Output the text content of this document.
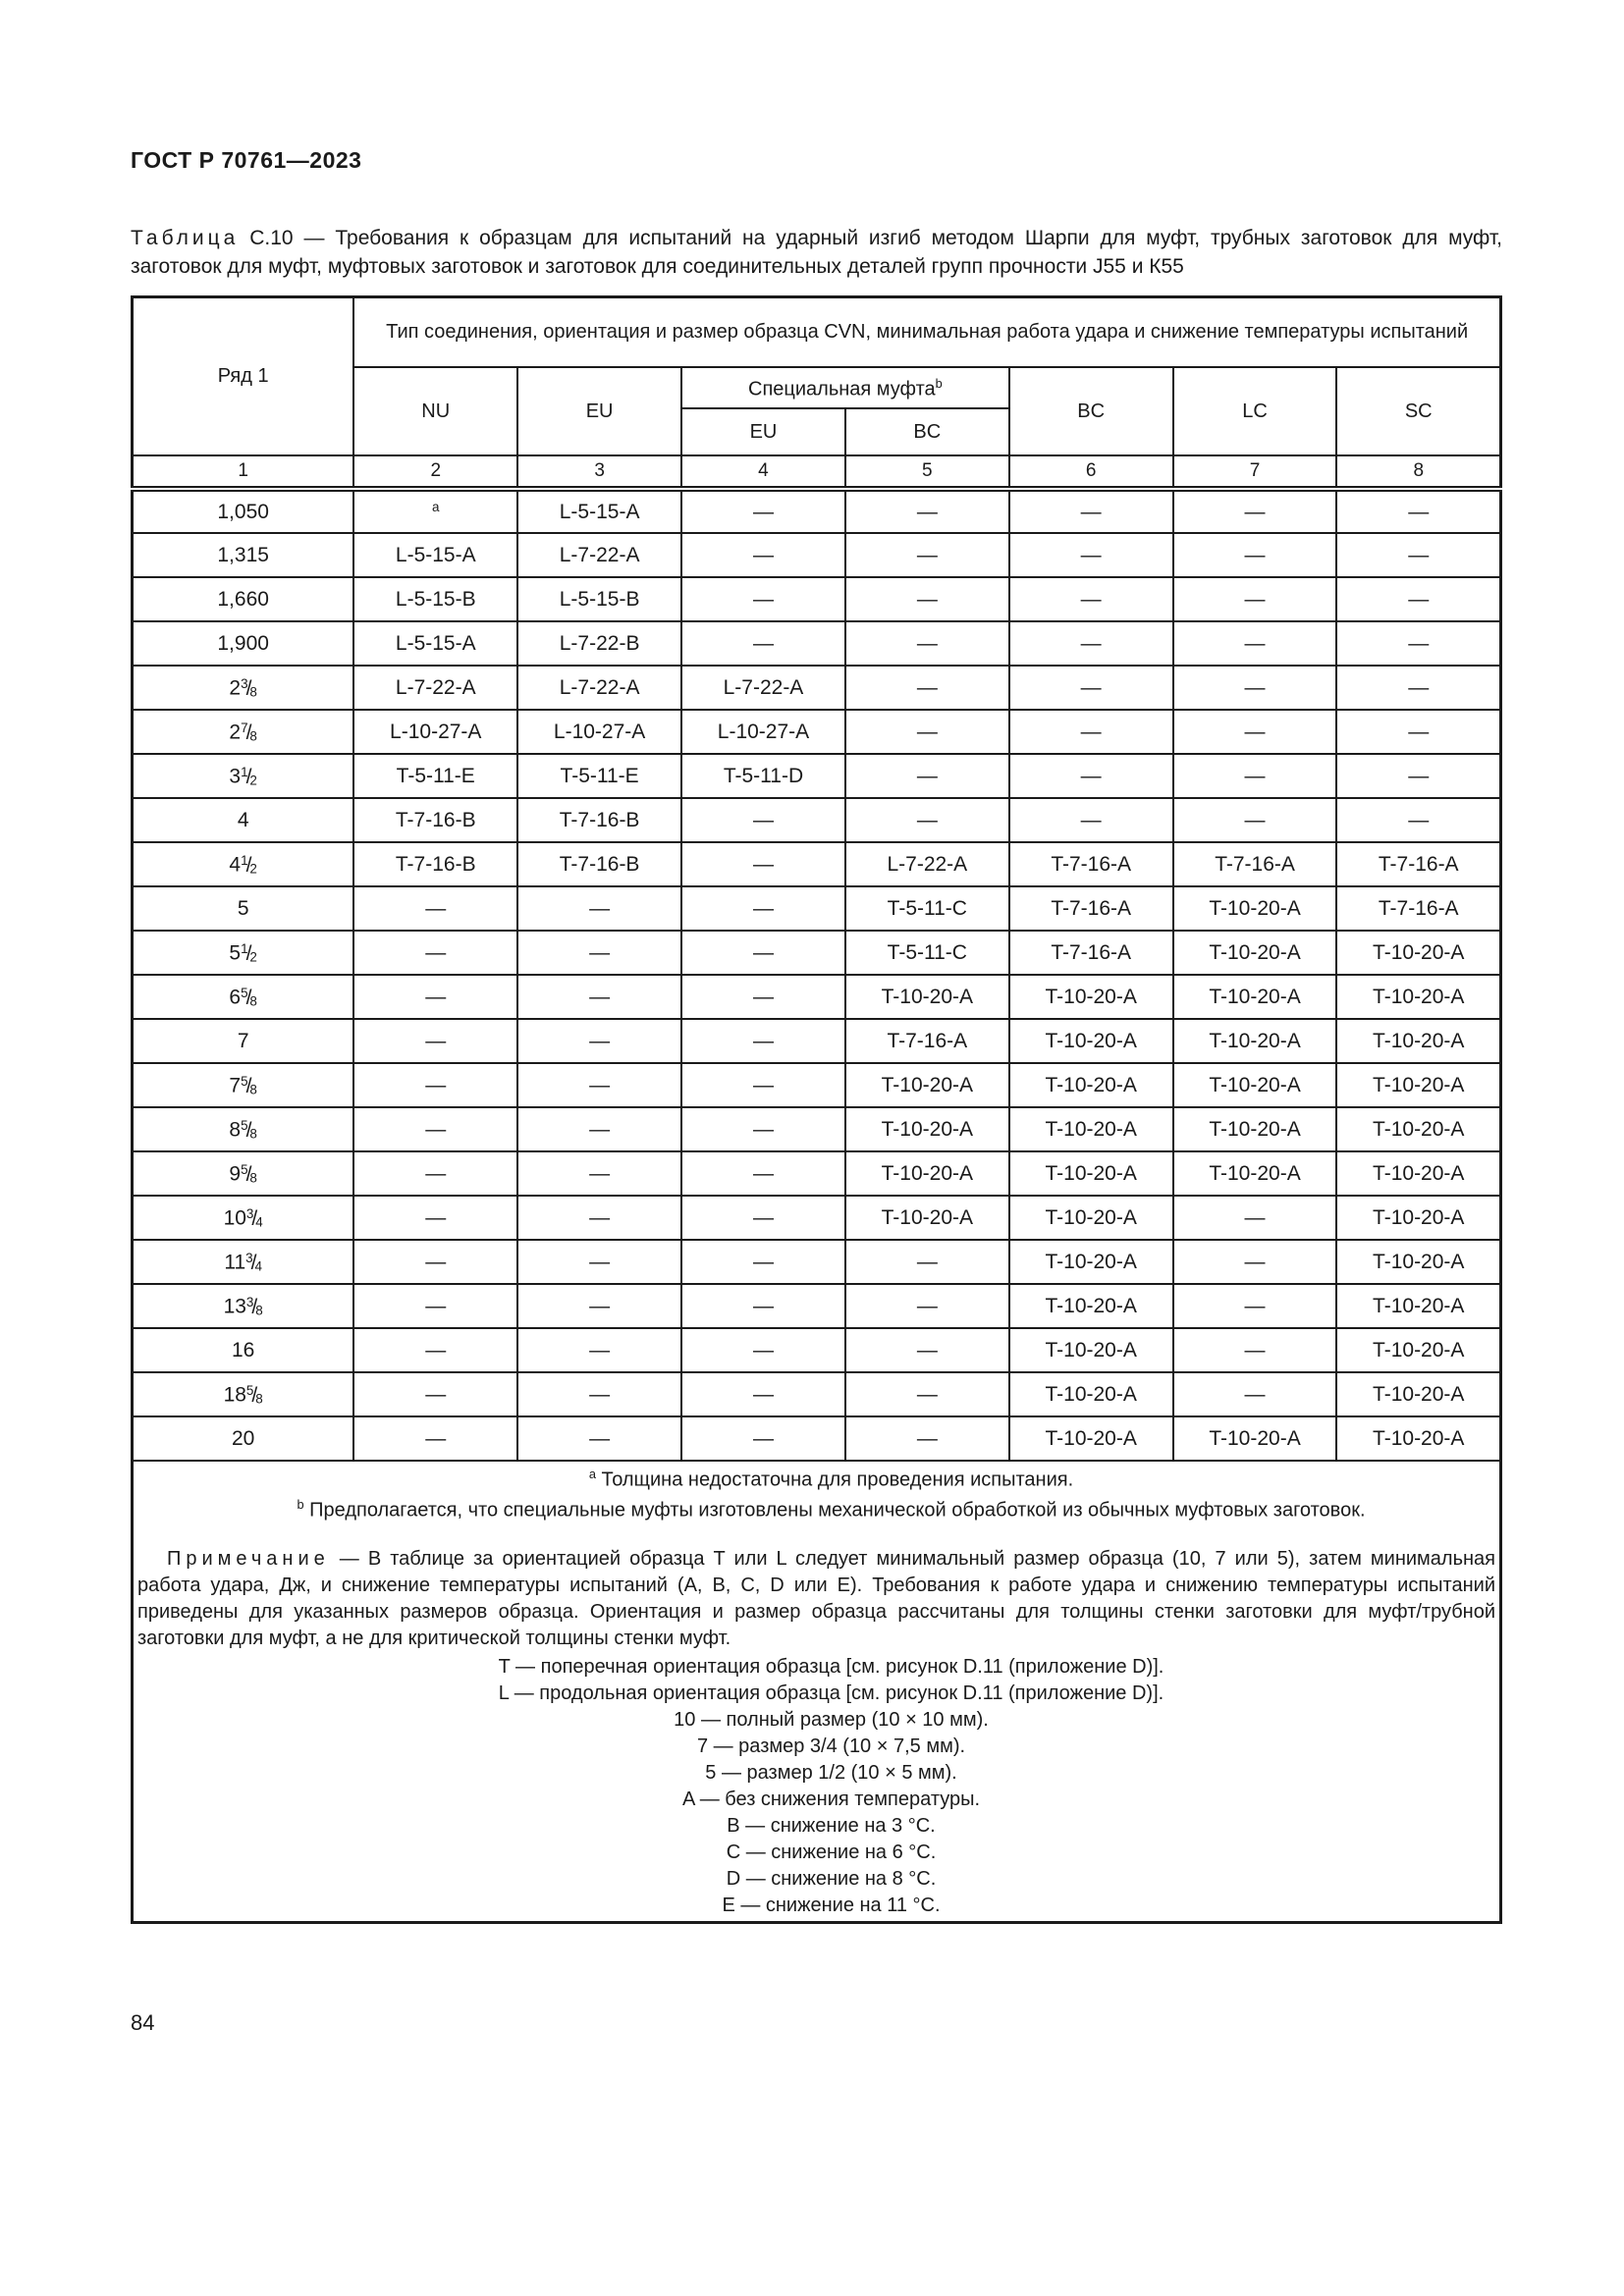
ГОСТ Р 70761—2023

Таблица С.10 — Требования к образцам для испытаний на ударный изгиб методом Шарпи для муфт, трубных заготовок для муфт, заготовок для муфт, муфтовых заготовок и заготовок для соединительных деталей групп прочности J55 и К55

Ряд 1	Тип соединения, ориентация и размер образца CVN, минимальная работа удара и снижение температуры испытаний						
	NU	EU	Специальная муфта$^b$		BC	LC	SC
			EU	BC			
1	2	3	4	5	6	7	8
1,050	$^a$	L-5-15-A	—	—	—	—	—
1,315	L-5-15-A	L-7-22-A	—	—	—	—	—
1,660	L-5-15-B	L-5-15-B	—	—	—	—	—
1,900	L-5-15-A	L-7-22-B	—	—	—	—	—
$2^3/_8$	L-7-22-A	L-7-22-A	L-7-22-A	—	—	—	—
$2^7/_8$	L-10-27-A	L-10-27-A	L-10-27-A	—	—	—	—
$3^1/_2$	T-5-11-E	T-5-11-E	T-5-11-D	—	—	—	—
4	T-7-16-B	T-7-16-B	—	—	—	—	—
$4^1/_2$	T-7-16-B	T-7-16-B	—	L-7-22-A	T-7-16-A	T-7-16-A	T-7-16-A
5	—	—	—	T-5-11-C	T-7-16-A	T-10-20-A	T-7-16-A
$5^1/_2$	—	—	—	T-5-11-C	T-7-16-A	T-10-20-A	T-10-20-A
$6^5/_8$	—	—	—	T-10-20-A	T-10-20-A	T-10-20-A	T-10-20-A
7	—	—	—	T-7-16-A	T-10-20-A	T-10-20-A	T-10-20-A
$7^5/_8$	—	—	—	T-10-20-A	T-10-20-A	T-10-20-A	T-10-20-A
$8^5/_8$	—	—	—	T-10-20-A	T-10-20-A	T-10-20-A	T-10-20-A
$9^5/_8$	—	—	—	T-10-20-A	T-10-20-A	T-10-20-A	T-10-20-A
$10^3/_4$	—	—	—	T-10-20-A	T-10-20-A	—	T-10-20-A
$11^3/_4$	—	—	—	—	T-10-20-A	—	T-10-20-A
$13^3/_8$	—	—	—	—	T-10-20-A	—	T-10-20-A
16	—	—	—	—	T-10-20-A	—	T-10-20-A
$18^5/_8$	—	—	—	—	T-10-20-A	—	T-10-20-A
20	—	—	—	—	T-10-20-A	T-10-20-A	T-10-20-A

$^a$ Толщина недостаточна для проведения испытания.

$^b$ Предполагается, что специальные муфты изготовлены механической обработкой из обычных муфтовых заготовок.

Примечание — В таблице за ориентацией образца T или L следует минимальный размер образца (10, 7 или 5), затем минимальная работа удара, Дж, и снижение температуры испытаний (A, B, C, D или E). Требования к работе удара и снижению температуры испытаний приведены для указанных размеров образца. Ориентация и размер образца рассчитаны для толщины стенки заготовки для муфт/трубной заготовки для муфт, а не для критической толщины стенки муфт.

T — поперечная ориентация образца [см. рисунок D.11 (приложение D)].
L — продольная ориентация образца [см. рисунок D.11 (приложение D)].
10 — полный размер (10 × 10 мм).
7 — размер 3/4 (10 × 7,5 мм).
5 — размер 1/2 (10 × 5 мм).
A — без снижения температуры.
B — снижение на 3 °C.
C — снижение на 6 °C.
D — снижение на 8 °C.
E — снижение на 11 °C.
84
